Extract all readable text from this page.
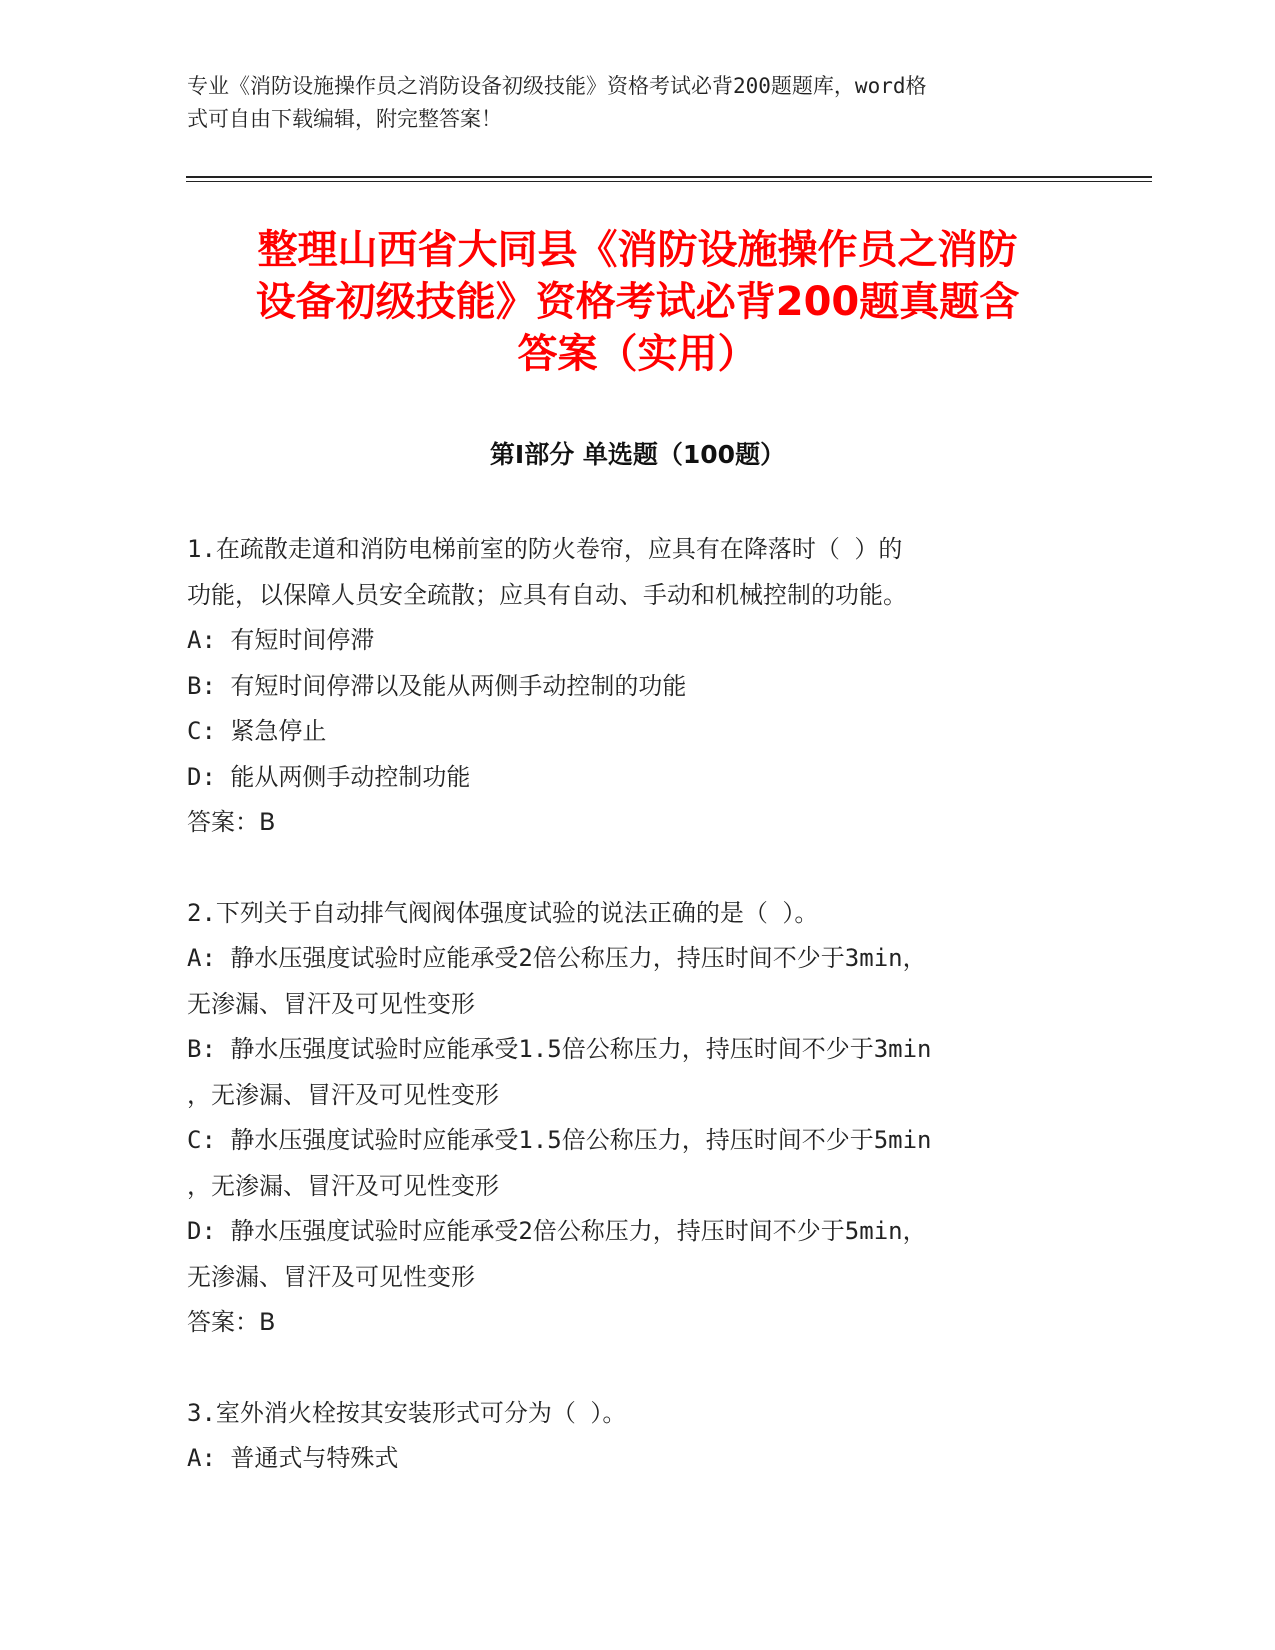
专业《消防设施操作员之消防设备初级技能》资格考试必背200题题库，word格
式可自由下载编辑，附完整答案！
整理山西省大同县《消防设施操作员之消防
设备初级技能》资格考试必背200题真题含
答案（实用）
第Ⅰ部分 单选题（100题）
1.在疏散走道和消防电梯前室的防火卷帘，应具有在降落时（ ）的
功能，以保障人员安全疏散；应具有自动、手动和机械控制的功能。
A: 有短时间停滞
B: 有短时间停滞以及能从两侧手动控制的功能
C: 紧急停止
D: 能从两侧手动控制功能
答案：B
2.下列关于自动排气阀阀体强度试验的说法正确的是（ ）。
A: 静水压强度试验时应能承受2倍公称压力，持压时间不少于3min，
无渗漏、冒汗及可见性变形
B: 静水压强度试验时应能承受1.5倍公称压力，持压时间不少于3min
，无渗漏、冒汗及可见性变形
C: 静水压强度试验时应能承受1.5倍公称压力，持压时间不少于5min
，无渗漏、冒汗及可见性变形
D: 静水压强度试验时应能承受2倍公称压力，持压时间不少于5min，
无渗漏、冒汗及可见性变形
答案：B
3.室外消火栓按其安装形式可分为（ ）。
A: 普通式与特殊式
